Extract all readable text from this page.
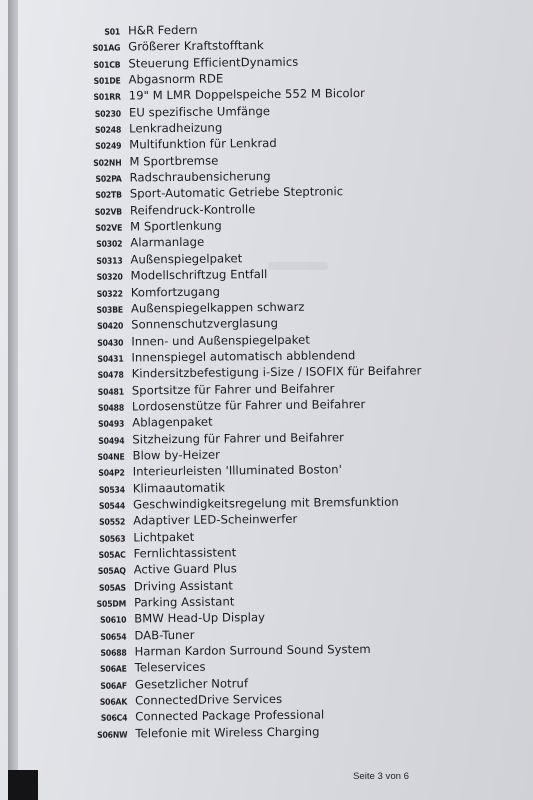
S01 H&R Federn
S01AG Größerer Kraftstofftank
S01CB Steuerung EfficientDynamics
S01DE Abgasnorm RDE
S01RR 19" M LMR Doppelspeiche 552 M Bicolor
S0230 EU spezifische Umfänge
S0248 Lenkradheizung
S0249 Multifunktion für Lenkrad
S02NH M Sportbremse
S02PA Radschraubensicherung
S02TB Sport-Automatic Getriebe Steptronic
S02VB Reifendruck-Kontrolle
S02VE M Sportlenkung
S0302 Alarmanlage
S0313 Außenspiegelpaket
S0320 Modellschriftzug Entfall
S0322 Komfortzugang
S03BE Außenspiegelkappen schwarz
S0420 Sonnenschutzverglasung
S0430 Innen- und Außenspiegelpaket
S0431 Innenspiegel automatisch abblendend
S0478 Kindersitzbefestigung i-Size / ISOFIX für Beifahrer
S0481 Sportsitze für Fahrer und Beifahrer
S0488 Lordosenstütze für Fahrer und Beifahrer
S0493 Ablagenpaket
S0494 Sitzheizung für Fahrer und Beifahrer
S04NE Blow by-Heizer
S04P2 Interieurleisten 'Illuminated Boston'
S0534 Klimaautomatik
S0544 Geschwindigkeitsregelung mit Bremsfunktion
S0552 Adaptiver LED-Scheinwerfer
S0563 Lichtpaket
S05AC Fernlichtassistent
S05AQ Active Guard Plus
S05AS Driving Assistant
S05DM Parking Assistant
S0610 BMW Head-Up Display
S0654 DAB-Tuner
S0688 Harman Kardon Surround Sound System
S06AE Teleservices
S06AF Gesetzlicher Notruf
S06AK ConnectedDrive Services
S06C4 Connected Package Professional
S06NW Telefonie mit Wireless Charging
Seite 3 von 6
